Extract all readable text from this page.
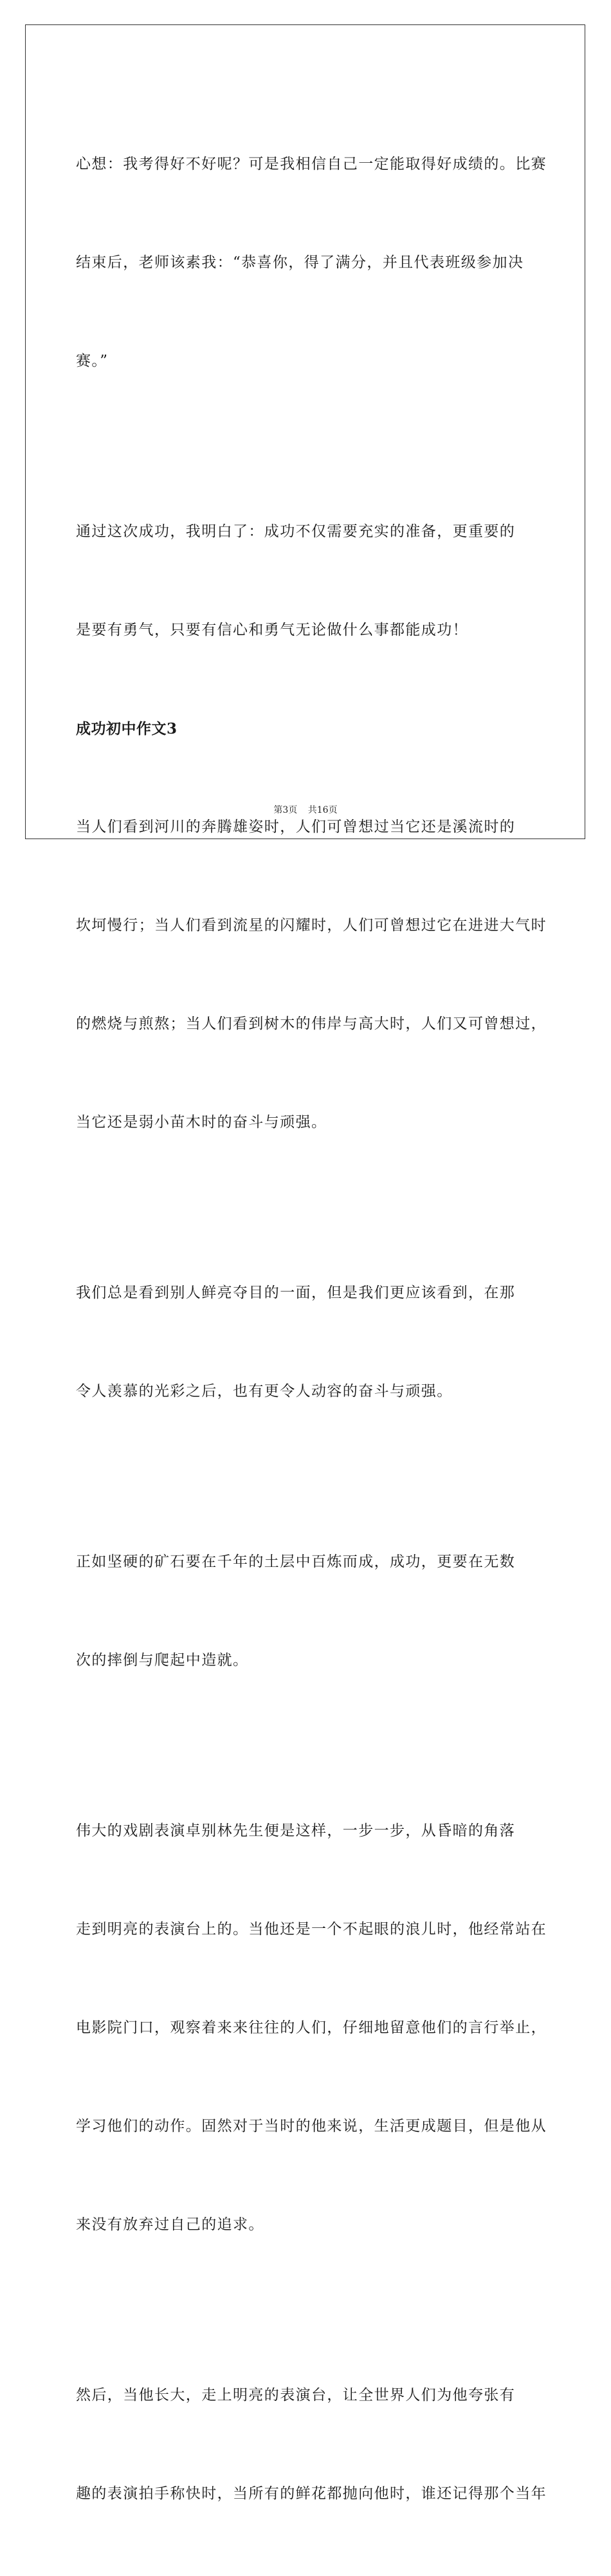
心想：我考得好不好呢？可是我相信自己一定能取得好成绩的。比赛

结束后，老师该素我：“恭喜你，得了满分，并且代表班级参加决

赛。”

通过这次成功，我明白了：成功不仅需要充实的准备，更重要的

是要有勇气，只要有信心和勇气无论做什么事都能成功！

成功初中作文3

当人们看到河川的奔腾雄姿时，人们可曾想过当它还是溪流时的

坎坷慢行；当人们看到流星的闪耀时，人们可曾想过它在进进大气时

的燃烧与煎熬；当人们看到树木的伟岸与高大时，人们又可曾想过，

当它还是弱小苗木时的奋斗与顽强。

我们总是看到别人鲜亮夺目的一面，但是我们更应该看到，在那

令人羡慕的光彩之后，也有更令人动容的奋斗与顽强。

正如坚硬的矿石要在千年的土层中百炼而成，成功，更要在无数

次的摔倒与爬起中造就。

伟大的戏剧表演卓别林先生便是这样，一步一步，从昏暗的角落

走到明亮的表演台上的。当他还是一个不起眼的浪儿时，他经常站在

电影院门口，观察着来来往往的人们，仔细地留意他们的言行举止，

学习他们的动作。固然对于当时的他来说，生活更成题目，但是他从

来没有放弃过自己的追求。

然后，当他长大，走上明亮的表演台，让全世界人们为他夸张有

趣的表演拍手称快时，当所有的鲜花都抛向他时，谁还记得那个当年

第3页 共16页
